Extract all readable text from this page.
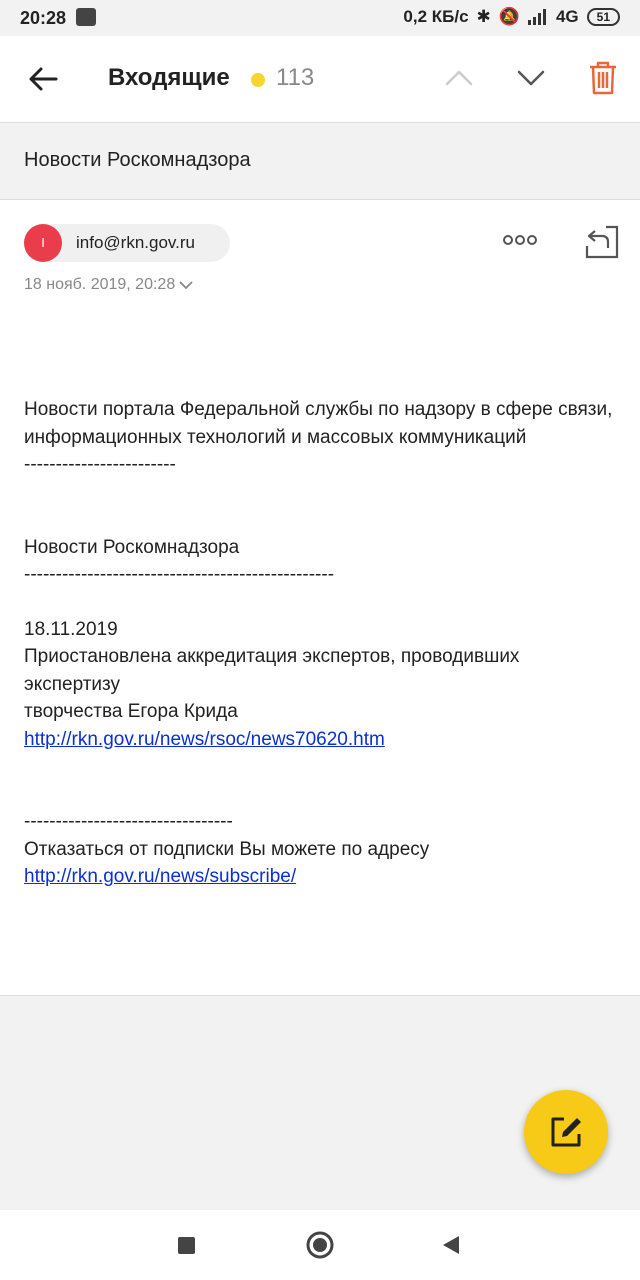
20:28	0,2 КБ/с ✱ 🔕 4G	51
Входящие 113
Новости Роскомнадзора
I	info@rkn.gov.ru
18 нояб. 2019, 20:28

Новости портала Федеральной службы по надзору в сфере связи,

информационных технологий и массовых коммуникаций

------------------------

Новости Роскомнадзора

-------------------------------------------------

18.11.2019

Приостановлена аккредитация экспертов, проводивших экспертизу

творчества Егора Крида

http://rkn.gov.ru/news/rsoc/news70620.htm

---------------------------------

Отказаться от подписки Вы можете по адресу

http://rkn.gov.ru/news/subscribe/
